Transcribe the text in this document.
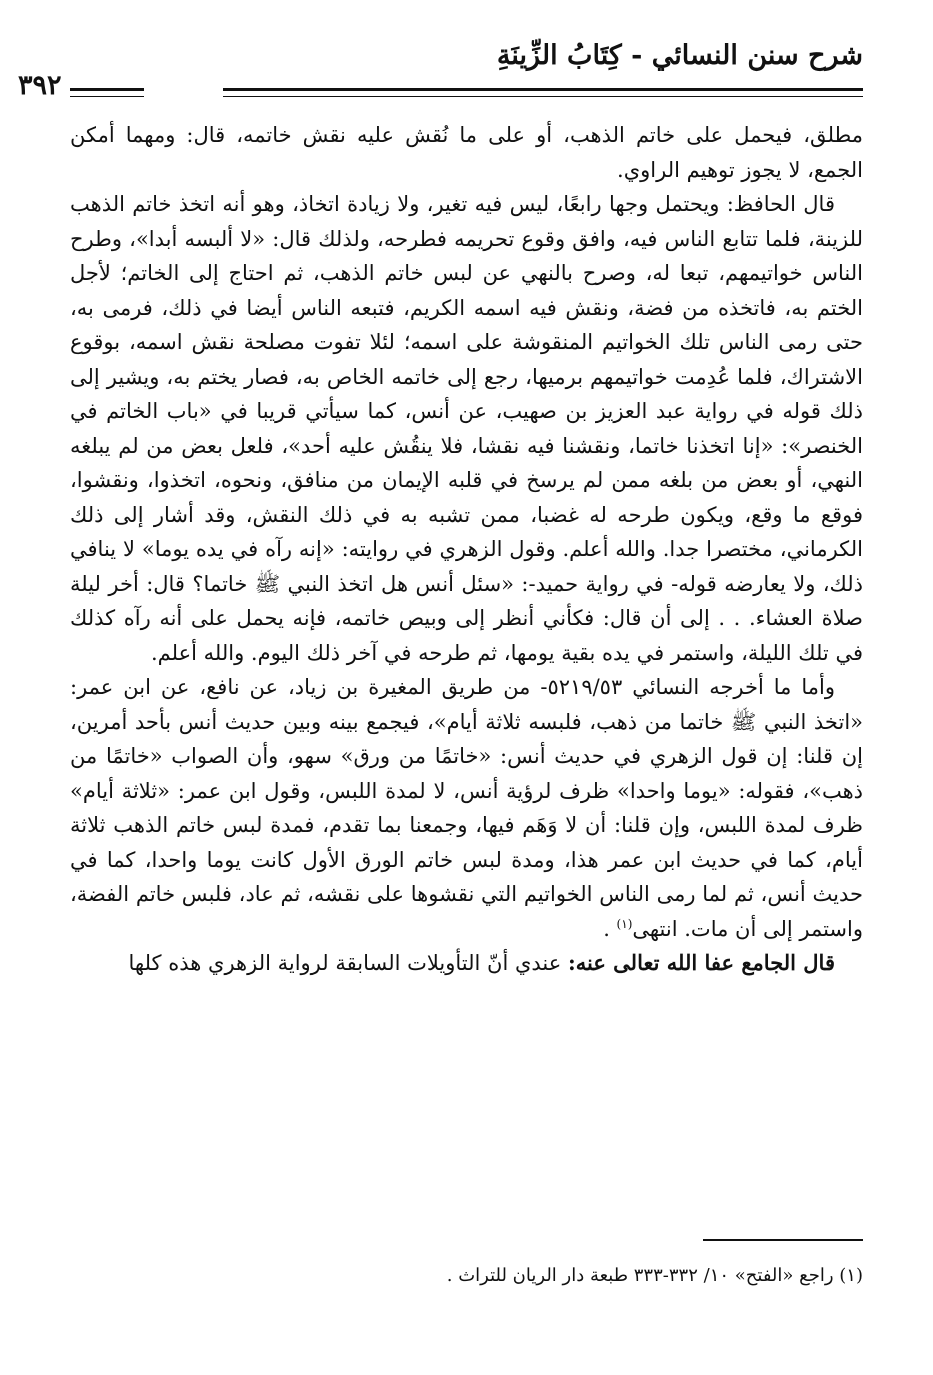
شرح سنن النسائي - كِتَابُ الزِّينَةِ
٣٩٢

مطلق، فيحمل على خاتم الذهب، أو على ما نُقش عليه نقش خاتمه، قال: ومهما أمكن الجمع، لا يجوز توهيم الراوي.

قال الحافظ: ويحتمل وجها رابعًا، ليس فيه تغير، ولا زيادة اتخاذ، وهو أنه اتخذ خاتم الذهب للزينة، فلما تتابع الناس فيه، وافق وقوع تحريمه فطرحه، ولذلك قال: «لا ألبسه أبدا»، وطرح الناس خواتيمهم، تبعا له، وصرح بالنهي عن لبس خاتم الذهب، ثم احتاج إلى الخاتم؛ لأجل الختم به، فاتخذه من فضة، ونقش فيه اسمه الكريم، فتبعه الناس أيضا في ذلك، فرمى به، حتى رمى الناس تلك الخواتيم المنقوشة على اسمه؛ لئلا تفوت مصلحة نقش اسمه، بوقوع الاشتراك، فلما عُدِمت خواتيمهم برميها، رجع إلى خاتمه الخاص به، فصار يختم به، ويشير إلى ذلك قوله في رواية عبد العزيز بن صهيب، عن أنس، كما سيأتي قريبا في «باب الخاتم في الخنصر»: «إنا اتخذنا خاتما، ونقشنا فيه نقشا، فلا ينقُش عليه أحد»، فلعل بعض من لم يبلغه النهي، أو بعض من بلغه ممن لم يرسخ في قلبه الإيمان من منافق، ونحوه، اتخذوا، ونقشوا، فوقع ما وقع، ويكون طرحه له غضبا، ممن تشبه به في ذلك النقش، وقد أشار إلى ذلك الكرماني، مختصرا جدا. والله أعلم. وقول الزهري في روايته: «إنه رآه في يده يوما» لا ينافي ذلك، ولا يعارضه قوله- في رواية حميد-: «سئل أنس هل اتخذ النبي ﷺ خاتما؟ قال: أخر ليلة صلاة العشاء. . . إلى أن قال: فكأني أنظر إلى وبيص خاتمه، فإنه يحمل على أنه رآه كذلك في تلك الليلة، واستمر في يده بقية يومها، ثم طرحه في آخر ذلك اليوم. والله أعلم.

وأما ما أخرجه النسائي ٥٢١٩/٥٣- من طريق المغيرة بن زياد، عن نافع، عن ابن عمر: «اتخذ النبي ﷺ خاتما من ذهب، فلبسه ثلاثة أيام»، فيجمع بينه وبين حديث أنس بأحد أمرين، إن قلنا: إن قول الزهري في حديث أنس: «خاتمًا من ورق» سهو، وأن الصواب «خاتمًا من ذهب»، فقوله: «يوما واحدا» ظرف لرؤية أنس، لا لمدة اللبس، وقول ابن عمر: «ثلاثة أيام» ظرف لمدة اللبس، وإن قلنا: أن لا وَهَم فيها، وجمعنا بما تقدم، فمدة لبس خاتم الذهب ثلاثة أيام، كما في حديث ابن عمر هذا، ومدة لبس خاتم الورق الأول كانت يوما واحدا، كما في حديث أنس، ثم لما رمى الناس الخواتيم التي نقشوها على نقشه، ثم عاد، فلبس خاتم الفضة، واستمر إلى أن مات. انتهى$^{(١)}$ .

قال الجامع عفا الله تعالى عنه: عندي أنّ التأويلات السابقة لرواية الزهري هذه كلها

(١) راجع «الفتح» ١٠/ ٣٣٢-٣٣٣ طبعة دار الريان للتراث .
